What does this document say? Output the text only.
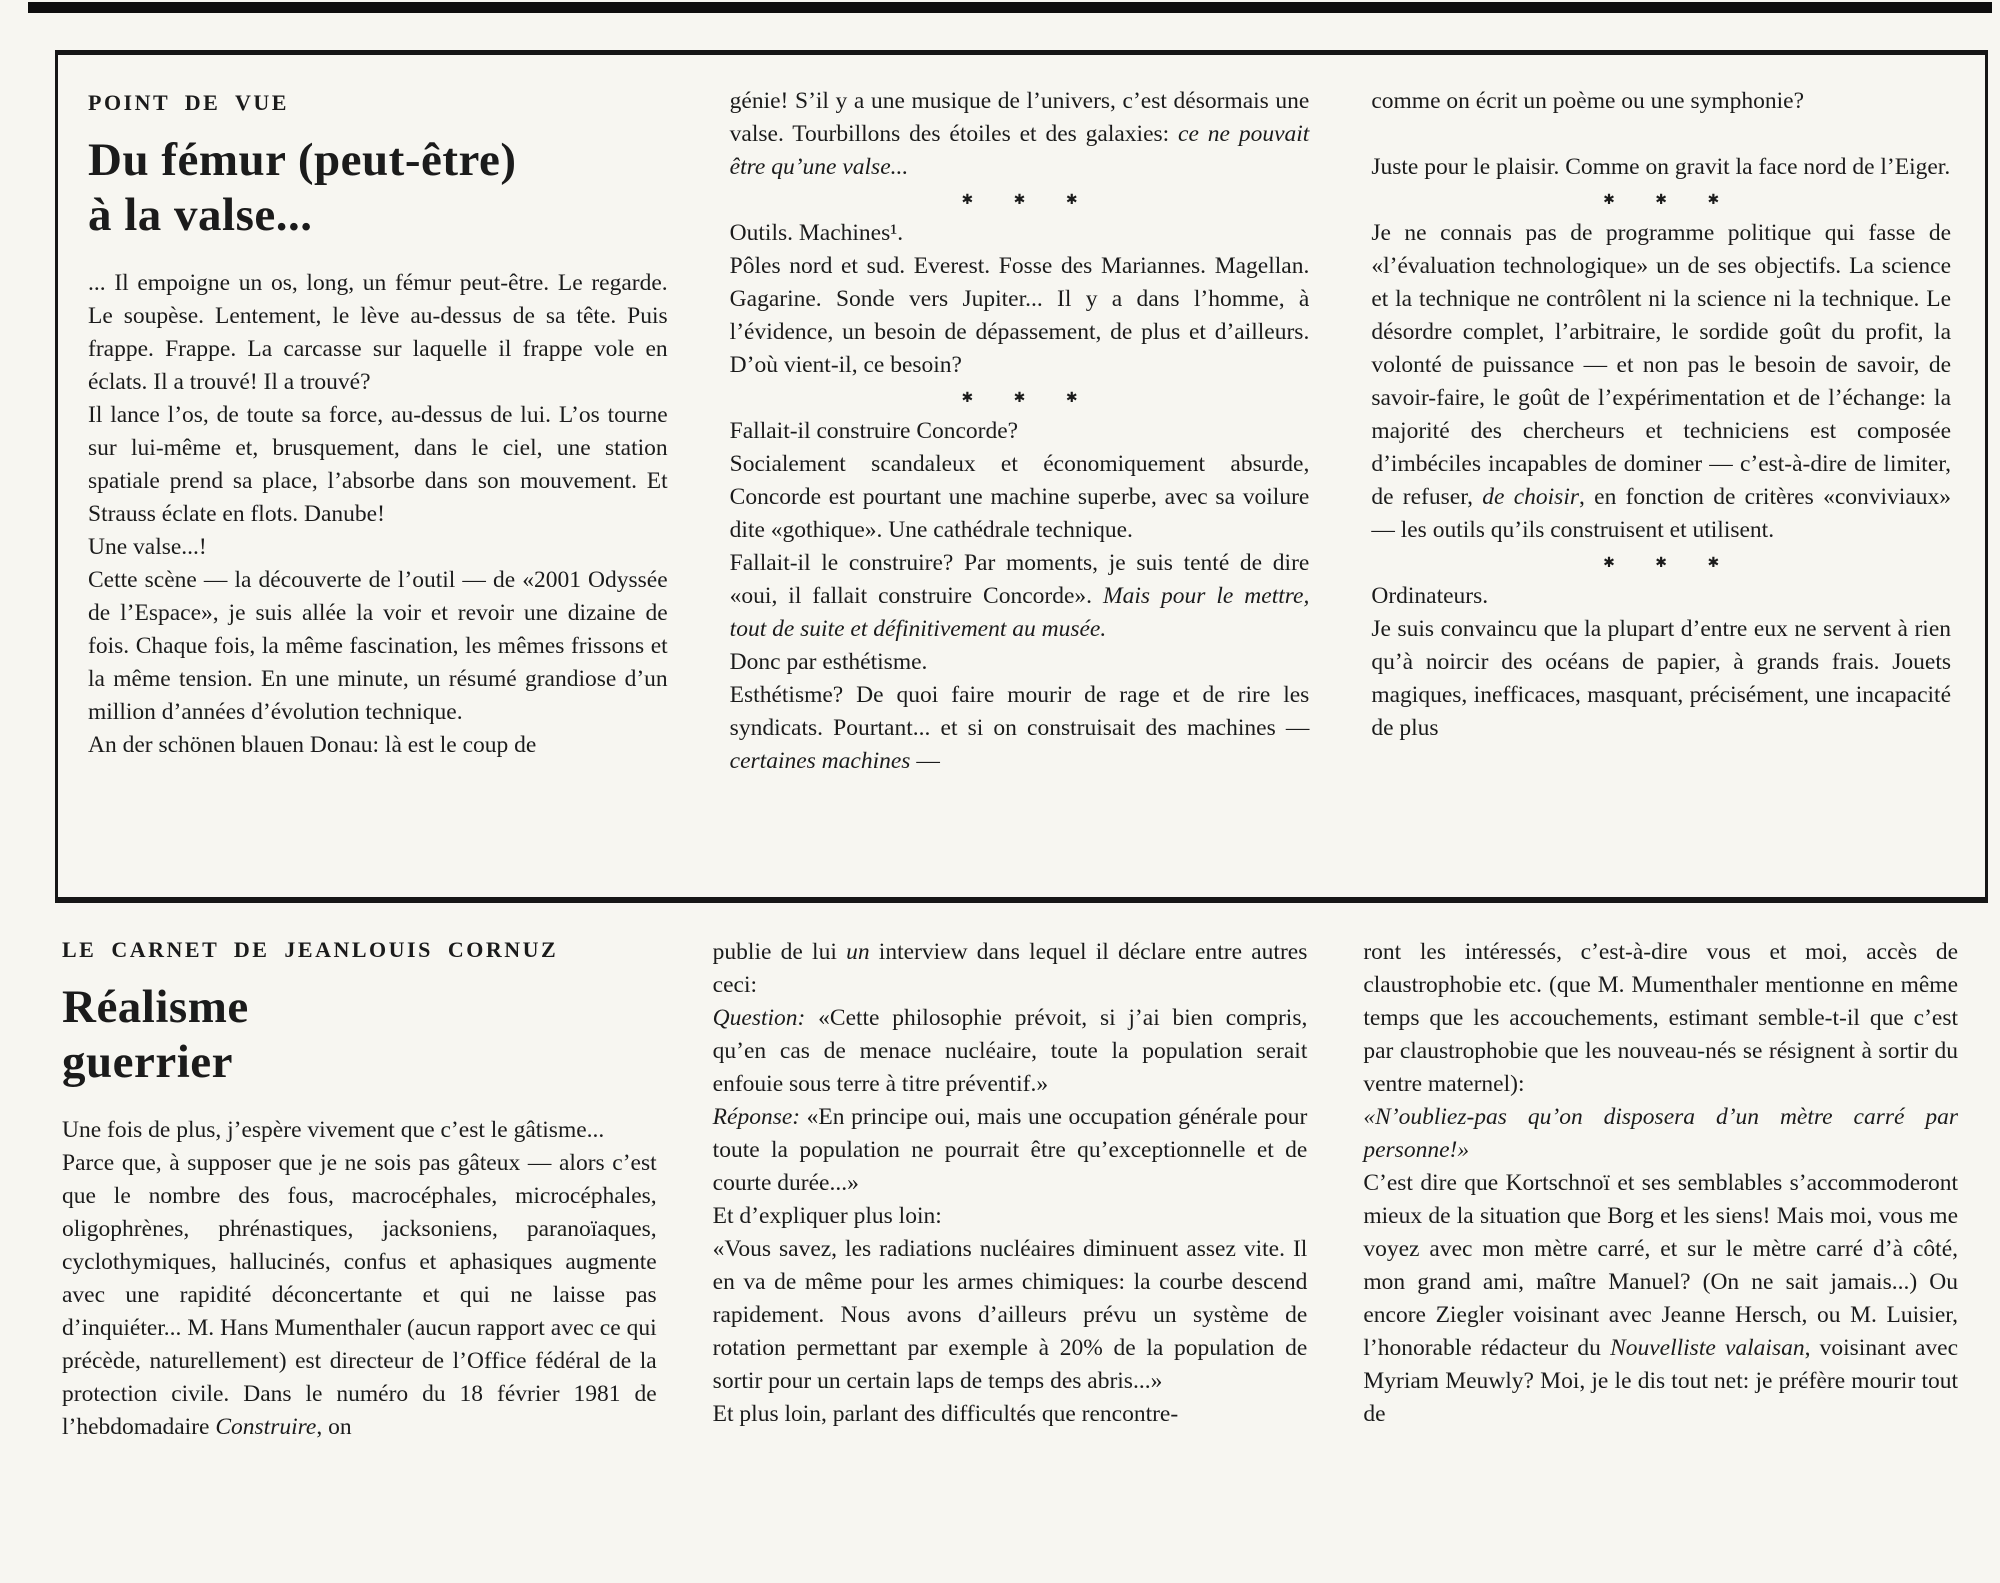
POINT DE VUE
Du fémur (peut-être)
à la valse...

... Il empoigne un os, long, un fémur peut-être. Le regarde. Le soupèse. Lentement, le lève au-dessus de sa tête. Puis frappe. Frappe. La carcasse sur laquelle il frappe vole en éclats. Il a trouvé! Il a trouvé?

Il lance l’os, de toute sa force, au-dessus de lui. L’os tourne sur lui-même et, brusquement, dans le ciel, une station spatiale prend sa place, l’absorbe dans son mouvement. Et Strauss éclate en flots. Danube!

Une valse...!

Cette scène — la découverte de l’outil — de «2001 Odyssée de l’Espace», je suis allée la voir et revoir une dizaine de fois. Chaque fois, la même fascination, les mêmes frissons et la même tension. En une minute, un résumé grandiose d’un million d’années d’évolution technique.

An der schönen blauen Donau: là est le coup de

génie! S’il y a une musique de l’univers, c’est désormais une valse. Tourbillons des étoiles et des galaxies: ce ne pouvait être qu’une valse...

✱ ✱ ✱

Outils. Machines¹.

Pôles nord et sud. Everest. Fosse des Mariannes. Magellan. Gagarine. Sonde vers Jupiter... Il y a dans l’homme, à l’évidence, un besoin de dépassement, de plus et d’ailleurs. D’où vient-il, ce besoin?

✱ ✱ ✱

Fallait-il construire Concorde?

Socialement scandaleux et économiquement absurde, Concorde est pourtant une machine superbe, avec sa voilure dite «gothique». Une cathédrale technique.

Fallait-il le construire? Par moments, je suis tenté de dire «oui, il fallait construire Concorde». Mais pour le mettre, tout de suite et définitivement au musée.

Donc par esthétisme.

Esthétisme? De quoi faire mourir de rage et de rire les syndicats. Pourtant... et si on construisait des machines — certaines machines —

comme on écrit un poème ou une symphonie?

Juste pour le plaisir. Comme on gravit la face nord de l’Eiger.

✱ ✱ ✱

Je ne connais pas de programme politique qui fasse de «l’évaluation technologique» un de ses objectifs. La science et la technique ne contrôlent ni la science ni la technique. Le désordre complet, l’arbitraire, le sordide goût du profit, la volonté de puissance — et non pas le besoin de savoir, de savoir-faire, le goût de l’expérimentation et de l’échange: la majorité des chercheurs et techniciens est composée d’imbéciles incapables de dominer — c’est-à-dire de limiter, de refuser, de choisir, en fonction de critères «conviviaux» — les outils qu’ils construisent et utilisent.

✱ ✱ ✱

Ordinateurs.

Je suis convaincu que la plupart d’entre eux ne servent à rien qu’à noircir des océans de papier, à grands frais. Jouets magiques, inefficaces, masquant, précisément, une incapacité de plus

LE CARNET DE JEANLOUIS CORNUZ
Réalisme
guerrier

Une fois de plus, j’espère vivement que c’est le gâtisme...

Parce que, à supposer que je ne sois pas gâteux — alors c’est que le nombre des fous, macrocéphales, microcéphales, oligophrènes, phrénastiques, jacksoniens, paranoïaques, cyclothymiques, hallucinés, confus et aphasiques augmente avec une rapidité déconcertante et qui ne laisse pas d’inquiéter... M. Hans Mumenthaler (aucun rapport avec ce qui précède, naturellement) est directeur de l’Office fédéral de la protection civile. Dans le numéro du 18 février 1981 de l’hebdomadaire Construire, on

publie de lui un interview dans lequel il déclare entre autres ceci:

Question: «Cette philosophie prévoit, si j’ai bien compris, qu’en cas de menace nucléaire, toute la population serait enfouie sous terre à titre préventif.»

Réponse: «En principe oui, mais une occupation générale pour toute la population ne pourrait être qu’exceptionnelle et de courte durée...»

Et d’expliquer plus loin:

«Vous savez, les radiations nucléaires diminuent assez vite. Il en va de même pour les armes chimiques: la courbe descend rapidement. Nous avons d’ailleurs prévu un système de rotation permettant par exemple à 20% de la population de sortir pour un certain laps de temps des abris...»

Et plus loin, parlant des difficultés que rencontre-

ront les intéressés, c’est-à-dire vous et moi, accès de claustrophobie etc. (que M. Mumenthaler mentionne en même temps que les accouchements, estimant semble-t-il que c’est par claustrophobie que les nouveau-nés se résignent à sortir du ventre maternel):

«N’oubliez-pas qu’on disposera d’un mètre carré par personne!»

C’est dire que Kortschnoï et ses semblables s’accommoderont mieux de la situation que Borg et les siens! Mais moi, vous me voyez avec mon mètre carré, et sur le mètre carré d’à côté, mon grand ami, maître Manuel? (On ne sait jamais...) Ou encore Ziegler voisinant avec Jeanne Hersch, ou M. Luisier, l’honorable rédacteur du Nouvelliste valaisan, voisinant avec Myriam Meuwly? Moi, je le dis tout net: je préfère mourir tout de
